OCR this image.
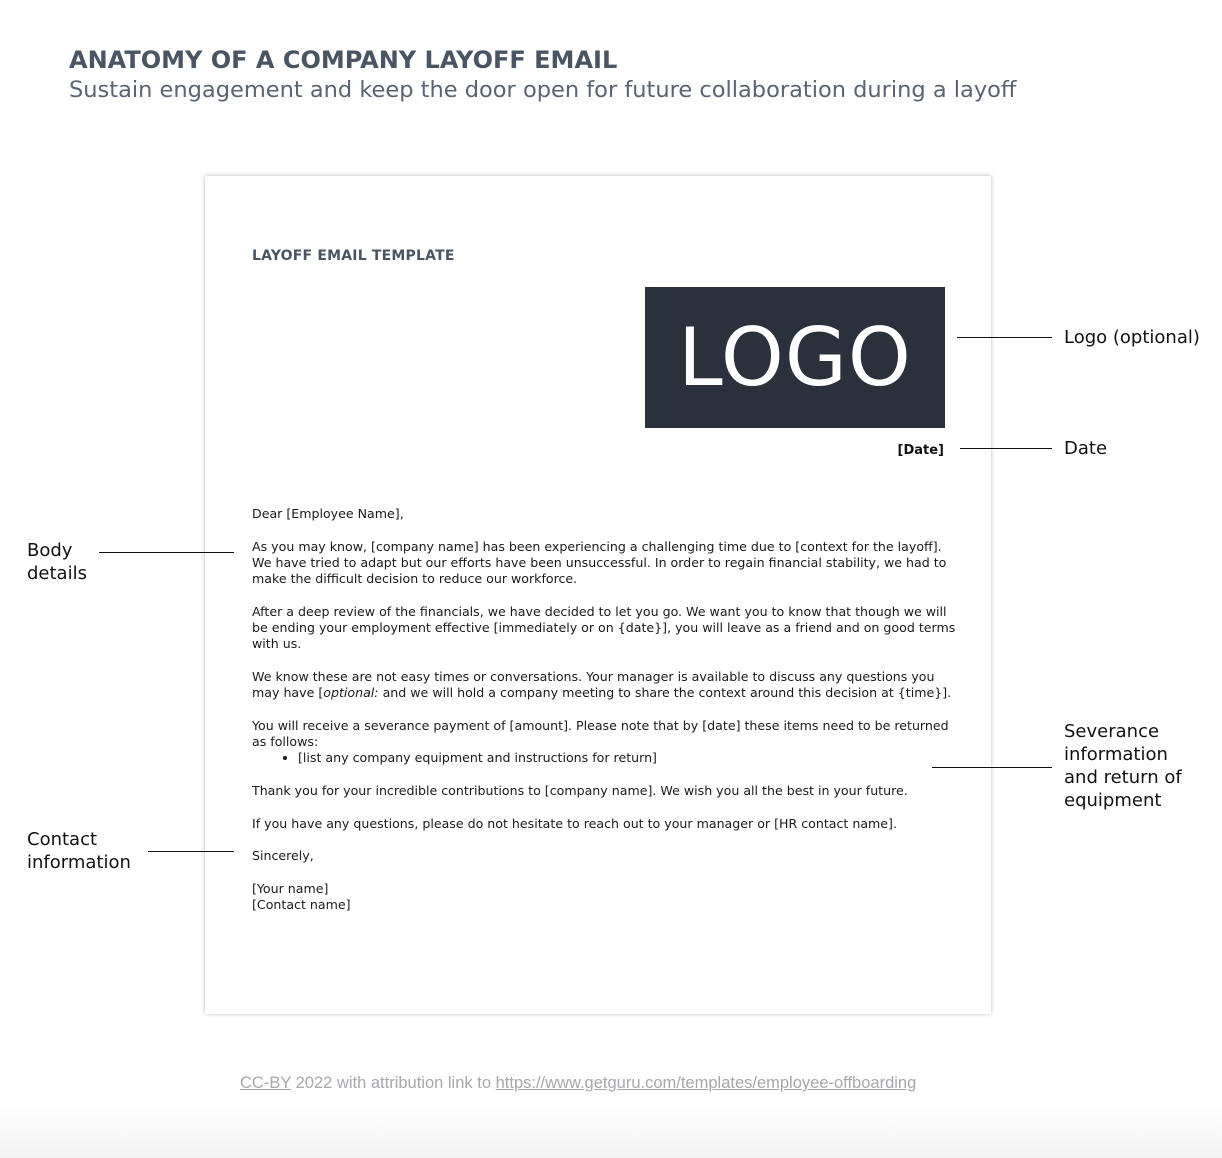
ANATOMY OF A COMPANY LAYOFF EMAIL

Sustain engagement and keep the door open for future collaboration during a layoff

LAYOFF EMAIL TEMPLATE
LOGO
[Date]

Dear [Employee Name],

As you may know, [company name] has been experiencing a challenging time due to [context for the layoff]. We have tried to adapt but our efforts have been unsuccessful. In order to regain financial stability, we had to make the difficult decision to reduce our workforce.

After a deep review of the financials, we have decided to let you go. We want you to know that though we will be ending your employment effective [immediately or on {date}], you will leave as a friend and on good terms with us.

We know these are not easy times or conversations. Your manager is available to discuss any questions you may have [optional: and we will hold a company meeting to share the context around this decision at {time}].

You will receive a severance payment of [amount]. Please note that by [date] these items need to be returned as follows:
• [list any company equipment and instructions for return]

Thank you for your incredible contributions to [company name]. We wish you all the best in your future.

If you have any questions, please do not hesitate to reach out to your manager or [HR contact name].

Sincerely,

[Your name]
[Contact name]
Logo (optional)
Date
Body
details
Severance
information
and return of
equipment
Contact
information
CC-BY 2022 with attribution link to https://www.getguru.com/templates/employee-offboarding
